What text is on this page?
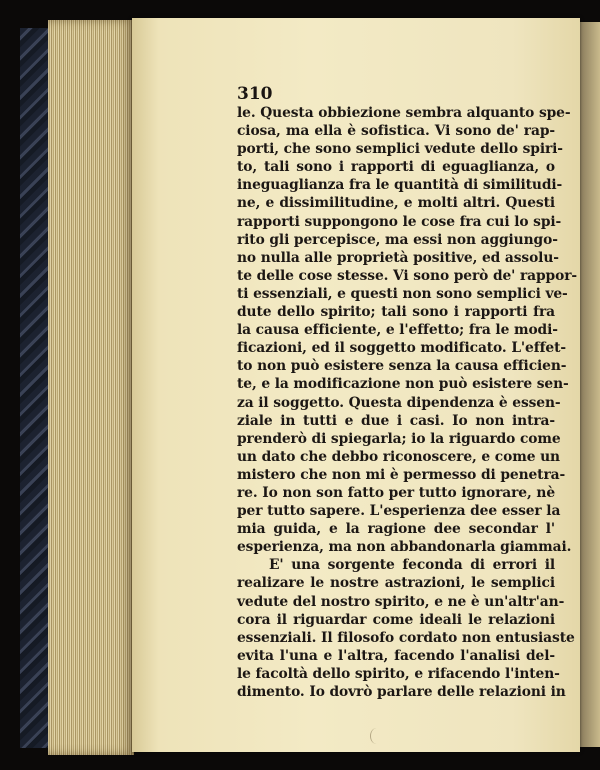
310

le. Questa obbiezione sembra alquanto spe-
ciosa, ma ella è sofistica. Vi sono de' rap-
porti, che sono semplici vedute dello spiri-
to, tali sono i rapporti di eguaglianza, o
ineguaglianza fra le quantità di similitudi-
ne, e dissimilitudine, e molti altri. Questi
rapporti suppongono le cose fra cui lo spi-
rito gli percepisce, ma essi non aggiungo-
no nulla alle proprietà positive, ed assolu-
te delle cose stesse. Vi sono però de' rappor-
ti essenziali, e questi non sono semplici ve-
dute dello spirito; tali sono i rapporti fra
la causa efficiente, e l'effetto; fra le modi-
ficazioni, ed il soggetto modificato. L'effet-
to non può esistere senza la causa efficien-
te, e la modificazione non può esistere sen-
za il soggetto. Questa dipendenza è essen-
ziale in tutti e due i casi. Io non intra-
prenderò di spiegarla; io la riguardo come
un dato che debbo riconoscere, e come un
mistero che non mi è permesso di penetra-
re. Io non son fatto per tutto ignorare, nè
per tutto sapere. L'esperienza dee esser la
mia guida, e la ragione dee secondar l'
esperienza, ma non abbandonarla giammai.
E' una sorgente feconda di errori il
realizare le nostre astrazioni, le semplici
vedute del nostro spirito, e ne è un'altr'an-
cora il riguardar come ideali le relazioni
essenziali. Il filosofo cordato non entusiaste
evita l'una e l'altra, facendo l'analisi del-
le facoltà dello spirito, e rifacendo l'inten-
dimento. Io dovrò parlare delle relazioni in
